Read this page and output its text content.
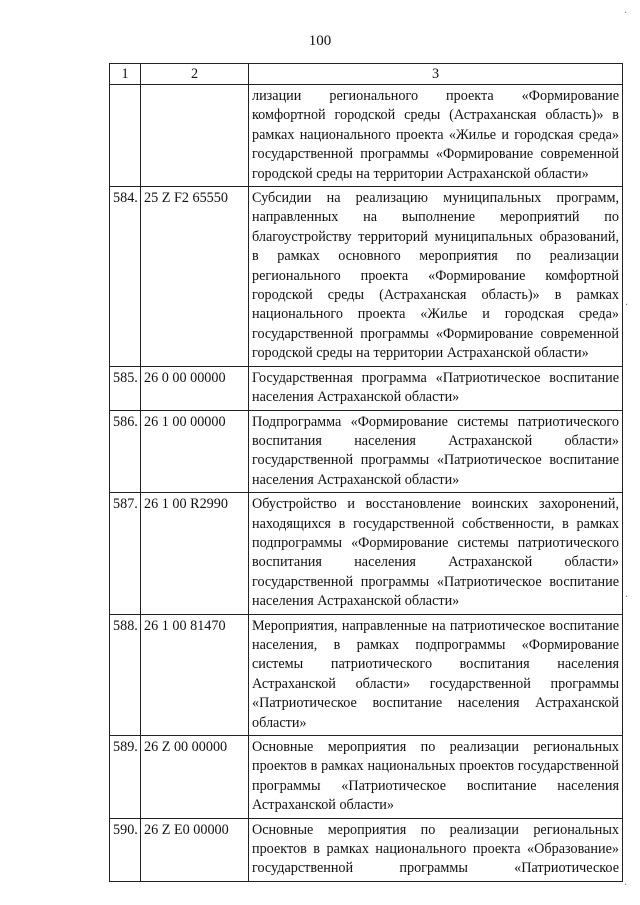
100
1	2	3
		лизации регионального проекта «Формирование комфортной городской среды (Астраханская область)» в рамках национального проекта «Жилье и городская среда» государственной программы «Формирование современной городской среды на территории Астраханской области»
584.	25 Z F2 65550	Субсидии на реализацию муниципальных программ, направленных на выполнение мероприятий по благоустройству территорий муниципальных образований, в рамках основного мероприятия по реализации регионального проекта «Формирование комфортной городской среды (Астраханская область)» в рамках национального проекта «Жилье и городская среда» государственной программы «Формирование современной городской среды на территории Астраханской области»
585.	26 0 00 00000	Государственная программа «Патриотическое воспитание населения Астраханской области»
586.	26 1 00 00000	Подпрограмма «Формирование системы патриотического воспитания населения Астраханской области» государственной программы «Патриотическое воспитание населения Астраханской области»
587.	26 1 00 R2990	Обустройство и восстановление воинских захоронений, находящихся в государственной собственности, в рамках подпрограммы «Формирование системы патриотического воспитания населения Астраханской области» государственной программы «Патриотическое воспитание населения Астраханской области»
588.	26 1 00 81470	Мероприятия, направленные на патриотическое воспитание населения, в рамках подпрограммы «Формирование системы патриотического воспитания населения Астраханской области» государственной программы «Патриотическое воспитание населения Астраханской области»
589.	26 Z 00 00000	Основные мероприятия по реализации региональных проектов в рамках национальных проектов государственной программы «Патриотическое воспитание населения Астраханской области»
590.	26 Z E0 00000	Основные мероприятия по реализации региональных проектов в рамках национального проекта «Образование» государственной программы «Патриотическое
·
·
·
·
